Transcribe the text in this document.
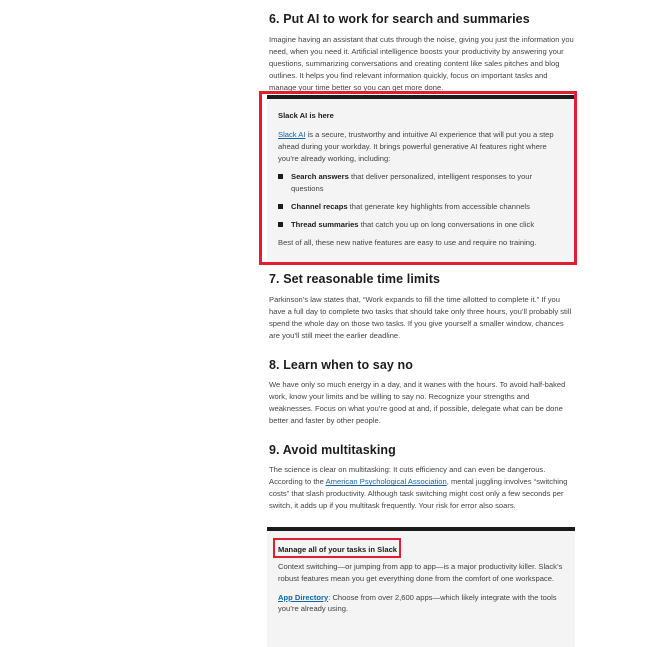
6. Put AI to work for search and summaries

Imagine having an assistant that cuts through the noise, giving you just the information you need, when you need it. Artificial intelligence boosts your productivity by answering your questions, summarizing conversations and creating content like sales pitches and blog outlines. It helps you find relevant information quickly, focus on important tasks and manage your time better so you can get more done.

Slack AI is here

Slack AI is a secure, trustworthy and intuitive AI experience that will put you a step ahead during your workday. It brings powerful generative AI features right where you’re already working, including:

Search answers that deliver personalized, intelligent responses to your questions
Channel recaps that generate key highlights from accessible channels
Thread summaries that catch you up on long conversations in one click

Best of all, these new native features are easy to use and require no training.

7. Set reasonable time limits

Parkinson’s law states that, “Work expands to fill the time allotted to complete it.” If you have a full day to complete two tasks that should take only three hours, you’ll probably still spend the whole day on those two tasks. If you give yourself a smaller window, chances are you’ll still meet the earlier deadline.

8. Learn when to say no

We have only so much energy in a day, and it wanes with the hours. To avoid half-baked work, know your limits and be willing to say no. Recognize your strengths and weaknesses. Focus on what you’re good at and, if possible, delegate what can be done better and faster by other people.

9. Avoid multitasking

The science is clear on multitasking: It cuts efficiency and can even be dangerous. According to the American Psychological Association, mental juggling involves “switching costs” that slash productivity. Although task switching might cost only a few seconds per switch, it adds up if you multitask frequently. Your risk for error also soars.

Manage all of your tasks in Slack

Context switching—or jumping from app to app—is a major productivity killer. Slack’s robust features mean you get everything done from the comfort of one workspace.

App Directory: Choose from over 2,600 apps—which likely integrate with the tools you’re already using.
